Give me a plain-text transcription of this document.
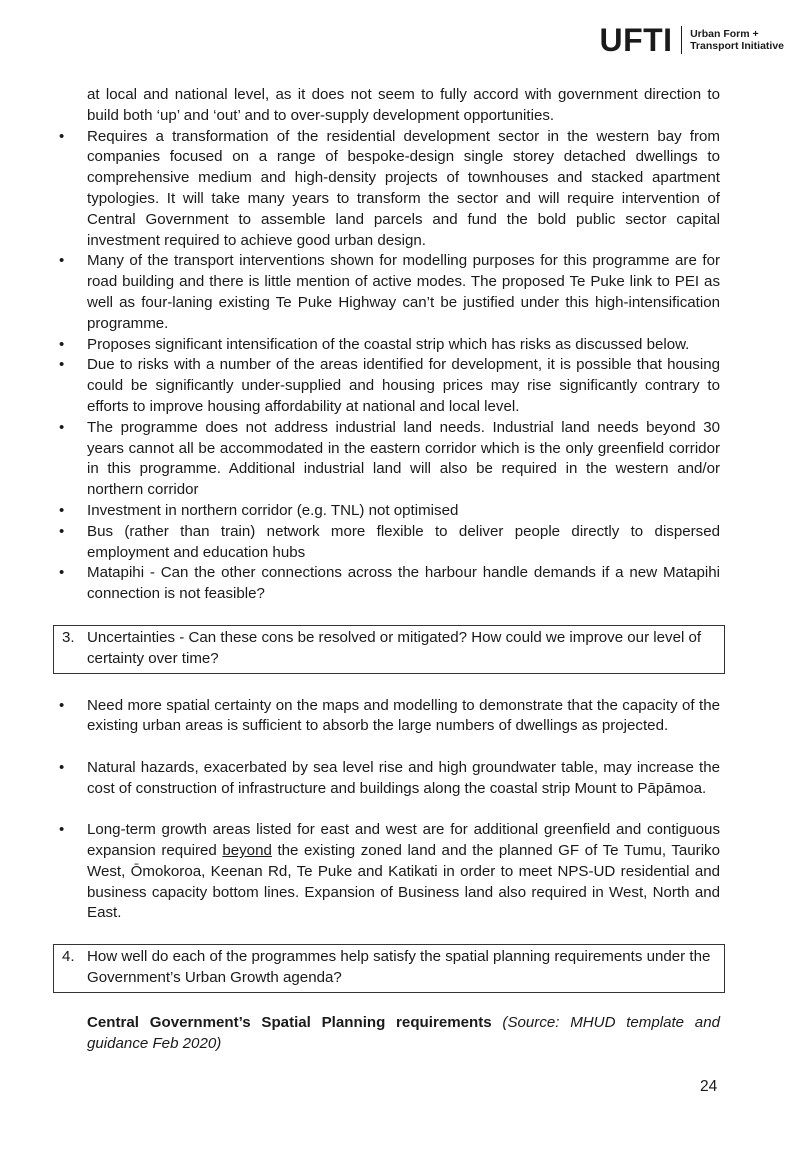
UFTI Urban Form +
Transport Initiative

at local and national level, as it does not seem to fully accord with government direction to build both ‘up’ and ‘out’ and to over-supply development opportunities.

• Requires a transformation of the residential development sector in the western bay from companies focused on a range of bespoke-design single storey detached dwellings to comprehensive medium and high-density projects of townhouses and stacked apartment typologies. It will take many years to transform the sector and will require intervention of Central Government to assemble land parcels and fund the bold public sector capital investment required to achieve good urban design.
• Many of the transport interventions shown for modelling purposes for this programme are for road building and there is little mention of active modes. The proposed Te Puke link to PEI as well as four-laning existing Te Puke Highway can’t be justified under this high-intensification programme.
• Proposes significant intensification of the coastal strip which has risks as discussed below.
• Due to risks with a number of the areas identified for development, it is possible that housing could be significantly under-supplied and housing prices may rise significantly contrary to efforts to improve housing affordability at national and local level.
• The programme does not address industrial land needs. Industrial land needs beyond 30 years cannot all be accommodated in the eastern corridor which is the only greenfield corridor in this programme. Additional industrial land will also be required in the western and/or northern corridor
• Investment in northern corridor (e.g. TNL) not optimised
• Bus (rather than train) network more flexible to deliver people directly to dispersed employment and education hubs
• Matapihi - Can the other connections across the harbour handle demands if a new Matapihi connection is not feasible?
3. Uncertainties - Can these cons be resolved or mitigated? How could we improve our level of certainty over time?
• Need more spatial certainty on the maps and modelling to demonstrate that the capacity of the existing urban areas is sufficient to absorb the large numbers of dwellings as projected.
• Natural hazards, exacerbated by sea level rise and high groundwater table, may increase the cost of construction of infrastructure and buildings along the coastal strip Mount to Pāpāmoa.
• Long-term growth areas listed for east and west are for additional greenfield and contiguous expansion required beyond the existing zoned land and the planned GF of Te Tumu, Tauriko West, Ōmokoroa, Keenan Rd, Te Puke and Katikati in order to meet NPS-UD residential and business capacity bottom lines. Expansion of Business land also required in West, North and East.
4. How well do each of the programmes help satisfy the spatial planning requirements under the Government’s Urban Growth agenda?

Central Government’s Spatial Planning requirements (Source: MHUD template and guidance Feb 2020)

24
